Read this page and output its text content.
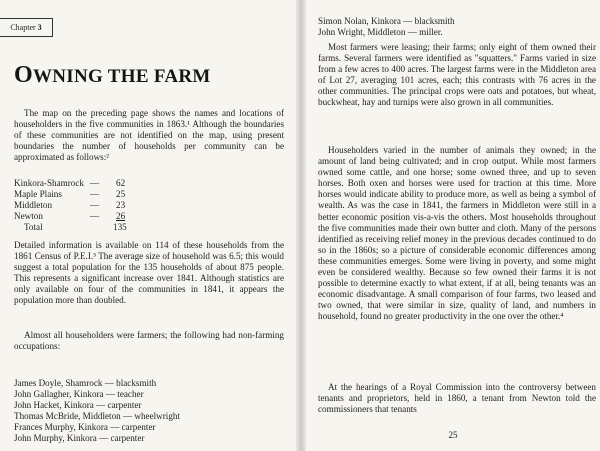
Chapter 3
OWNING THE FARM
The map on the preceding page shows the names and locations of householders in the five communities in 1863.¹ Although the boundaries of these communities are not identified on the map, using present boundaries the number of households per community can be approximated as follows:²
Kinkora-Shamrock — 62
Maple Plains	— 25
Middleton	— 23
Newton	— 26
Total	135
Detailed information is available on 114 of these households from the 1861 Census of P.E.I.³ The average size of household was 6.5; this would suggest a total population for the 135 households of about 875 people. This represents a significant increase over 1841. Although statistics are only available on four of the communities in 1841, it appears the population more than doubled.
Almost all householders were farmers; the following had non-farming occupations:
James Doyle, Shamrock — blacksmith
John Gallagher, Kinkora — teacher
John Hacket, Kinkora — carpenter
Thomas McBride, Middleton — wheelwright
Frances Murphy, Kinkora — carpenter
John Murphy, Kinkora — carpenter
Simon Nolan, Kinkora — blacksmith
John Wright, Middleton — miller.
Most farmers were leasing; their farms; only eight of them owned their farms. Several farmers were identified as "squatters." Farms varied in size from a few acres to 400 acres. The largest farms were in the Middleton area of Lot 27, averaging 101 acres, each; this contrasts with 76 acres in the other communities. The principal crops were oats and potatoes, but wheat, buckwheat, hay and turnips were also grown in all communities.
Householders varied in the number of animals they owned; in the amount of land being cultivated; and in crop output. While most farmers owned some cattle, and one horse; some owned three, and up to seven horses. Both oxen and horses were used for traction at this time. More horses would indicate ability to produce more, as well as being a symbol of wealth. As was the case in 1841, the farmers in Middleton were still in a better economic position vis-a-vis the others. Most households throughout the five communities made their own butter and cloth. Many of the persons identified as receiving relief money in the previous decades continued to do so in the 1860s; so a picture of considerable economic differences among these communities emerges. Some were living in poverty, and some might even be considered wealthy. Because so few owned their farms it is not possible to determine exactly to what extent, if at all, being tenants was an economic disadvantage. A small comparison of four farms, two leased and two owned, that were similar in size, quality of land, and numbers in household, found no greater productivity in the one over the other.⁴
At the hearings of a Royal Commission into the controversy between tenants and proprietors, held in 1860, a tenant from Newton told the commissioners that tenants
25
